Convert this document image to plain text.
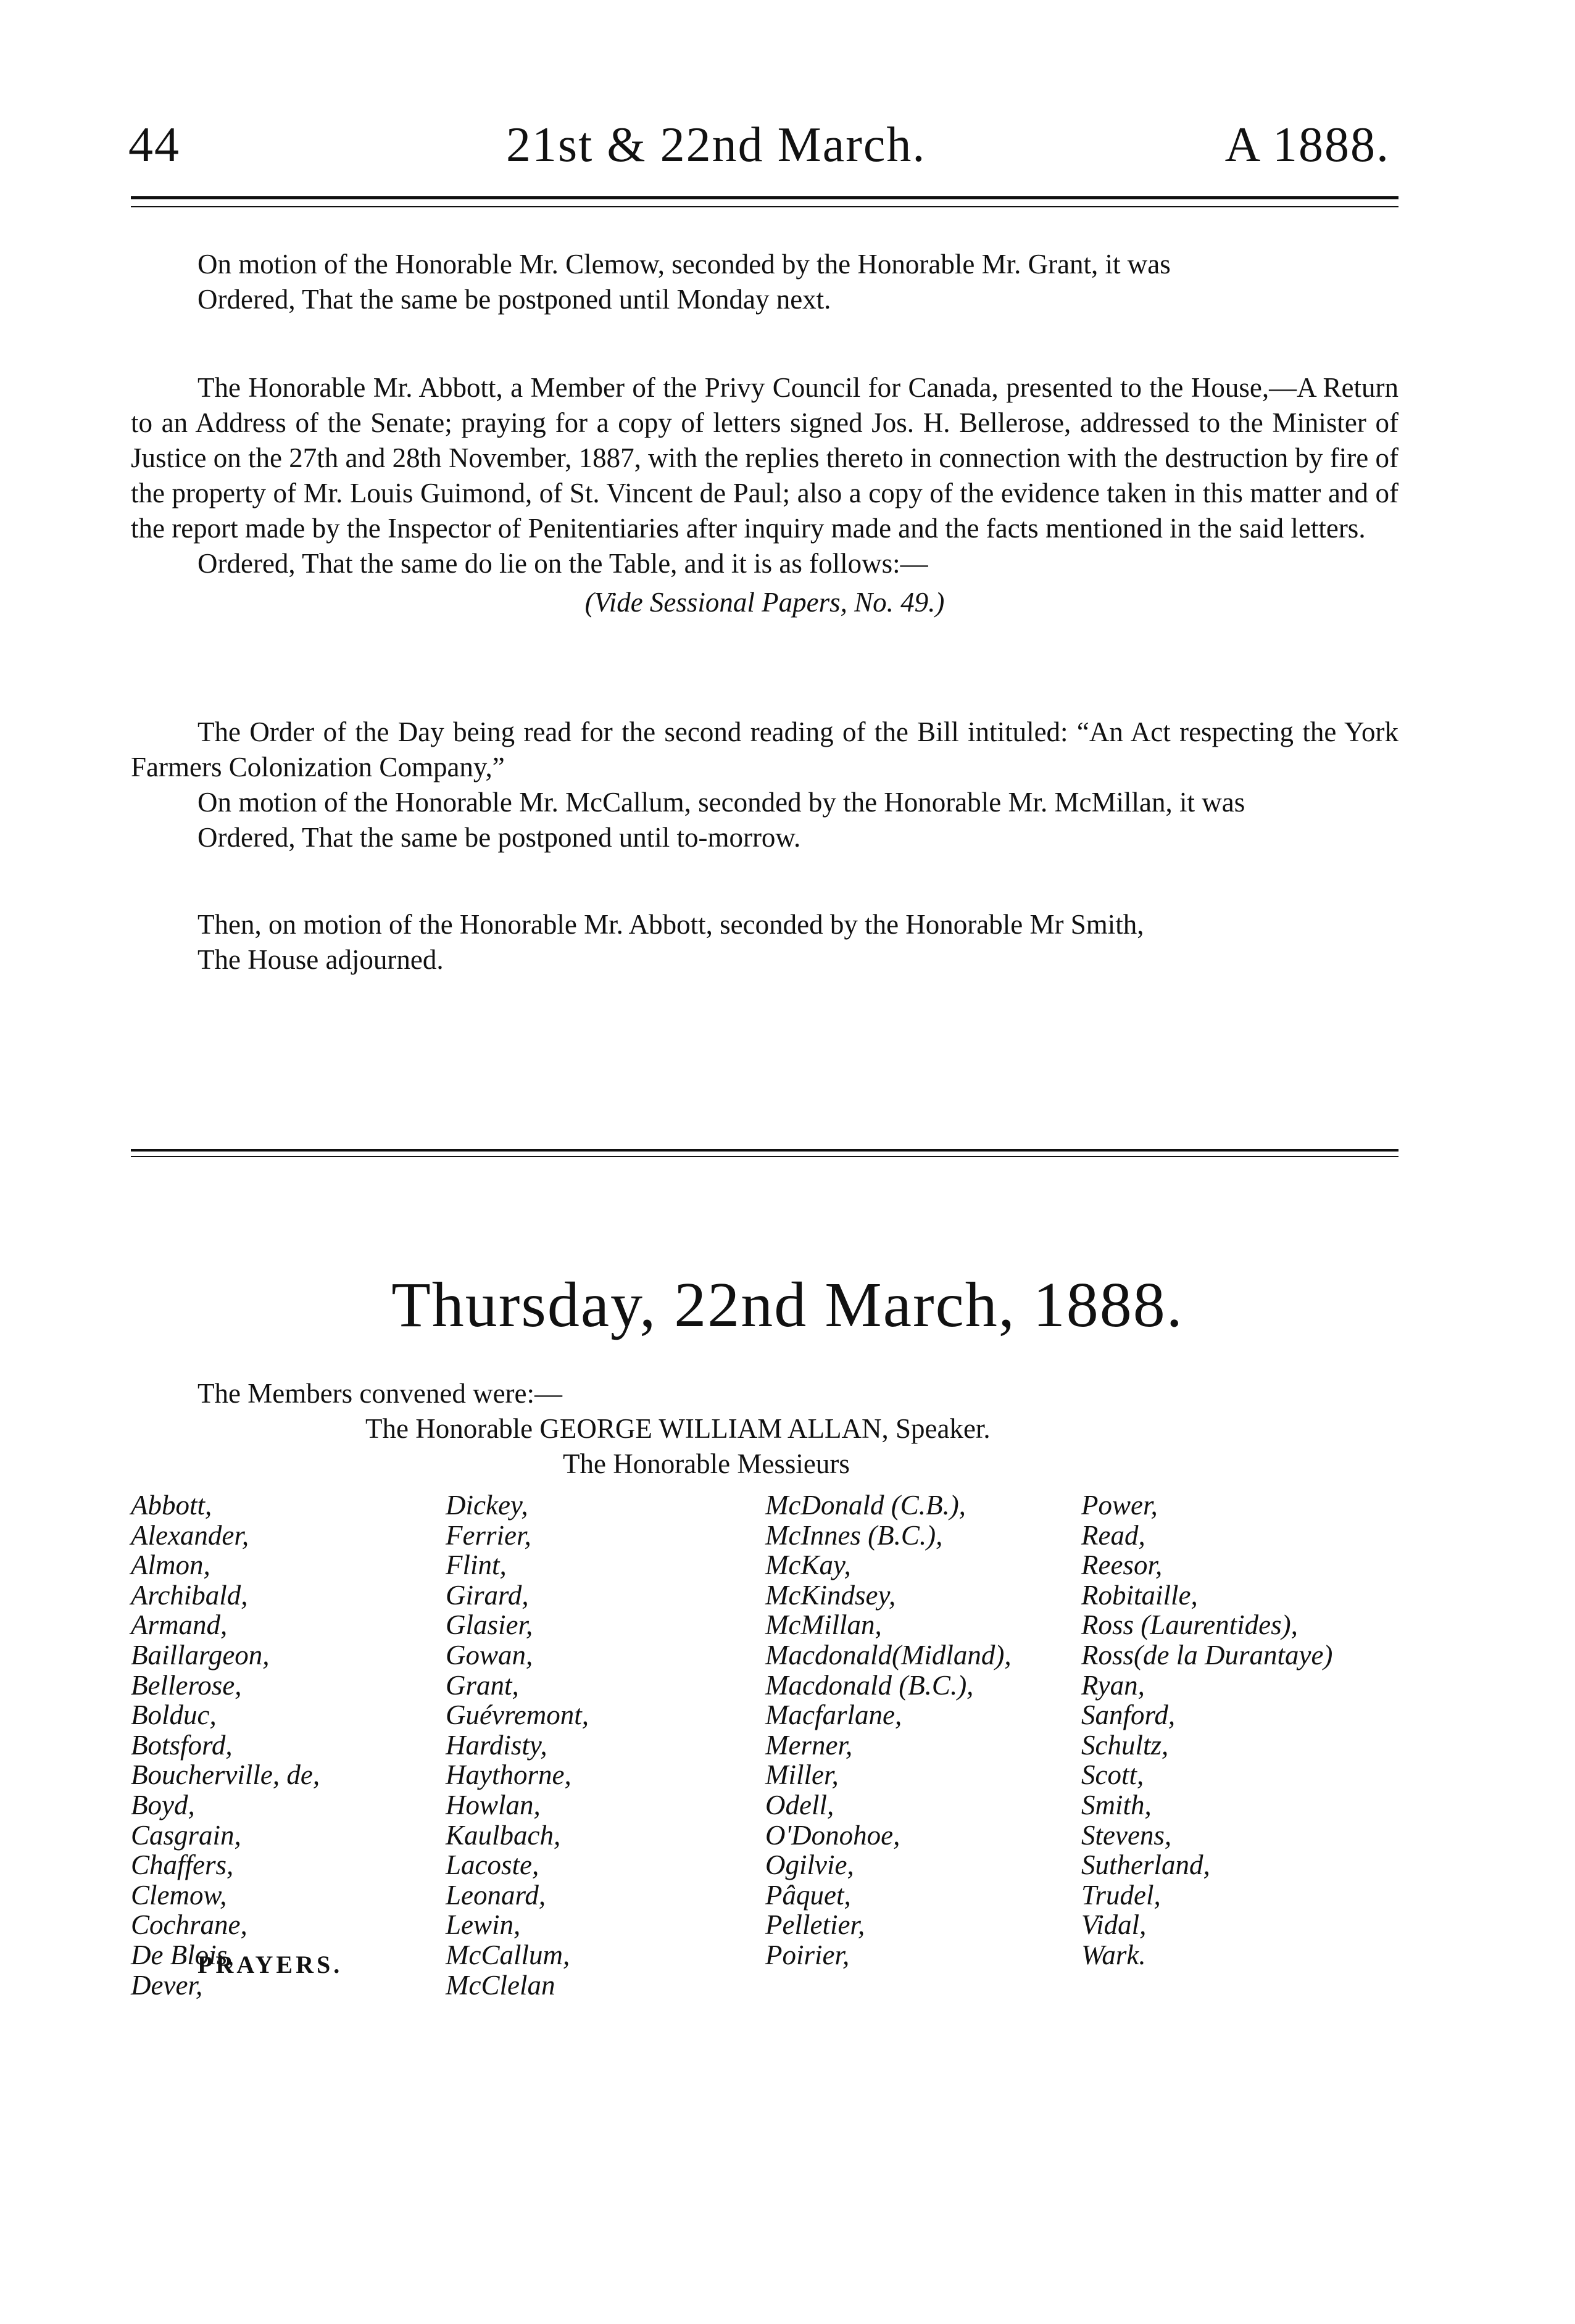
44	21st & 22nd March.	A 1888.

On motion of the Honorable Mr. Clemow, seconded by the Honorable Mr. Grant, it was

Ordered, That the same be postponed until Monday next.

The Honorable Mr. Abbott, a Member of the Privy Council for Canada, presented to the House,—A Return to an Address of the Senate; praying for a copy of letters signed Jos. H. Bellerose, addressed to the Minister of Justice on the 27th and 28th November, 1887, with the replies thereto in connection with the destruction by fire of the property of Mr. Louis Guimond, of St. Vincent de Paul; also a copy of the evidence taken in this matter and of the report made by the Inspector of Penitentiaries after inquiry made and the facts mentioned in the said letters.

Ordered, That the same do lie on the Table, and it is as follows:—

(Vide Sessional Papers, No. 49.)

The Order of the Day being read for the second reading of the Bill intituled: “An Act respecting the York Farmers Colonization Company,”

On motion of the Honorable Mr. McCallum, seconded by the Honorable Mr. McMillan, it was

Ordered, That the same be postponed until to-morrow.

Then, on motion of the Honorable Mr. Abbott, seconded by the Honorable Mr Smith,

The House adjourned.

Thursday, 22nd March, 1888.

The Members convened were:—

The Honorable GEORGE WILLIAM ALLAN, Speaker.

The Honorable Messieurs

Abbott,
Alexander,
Almon,
Archibald,
Armand,
Baillargeon,
Bellerose,
Bolduc,
Botsford,
Boucherville, de,
Boyd,
Casgrain,
Chaffers,
Clemow,
Cochrane,
De Blois,
Dever,
Dickey,
Ferrier,
Flint,
Girard,
Glasier,
Gowan,
Grant,
Guévremont,
Hardisty,
Haythorne,
Howlan,
Kaulbach,
Lacoste,
Leonard,
Lewin,
McCallum,
McClelan
McDonald (C.B.),
McInnes (B.C.),
McKay,
McKindsey,
McMillan,
Macdonald(Midland),
Macdonald (B.C.),
Macfarlane,
Merner,
Miller,
Odell,
O'Donohoe,
Ogilvie,
Pâquet,
Pelletier,
Poirier,
Power,
Read,
Reesor,
Robitaille,
Ross (Laurentides),
Ross(de la Durantaye)
Ryan,
Sanford,
Schultz,
Scott,
Smith,
Stevens,
Sutherland,
Trudel,
Vidal,
Wark.
PRAYERS.
